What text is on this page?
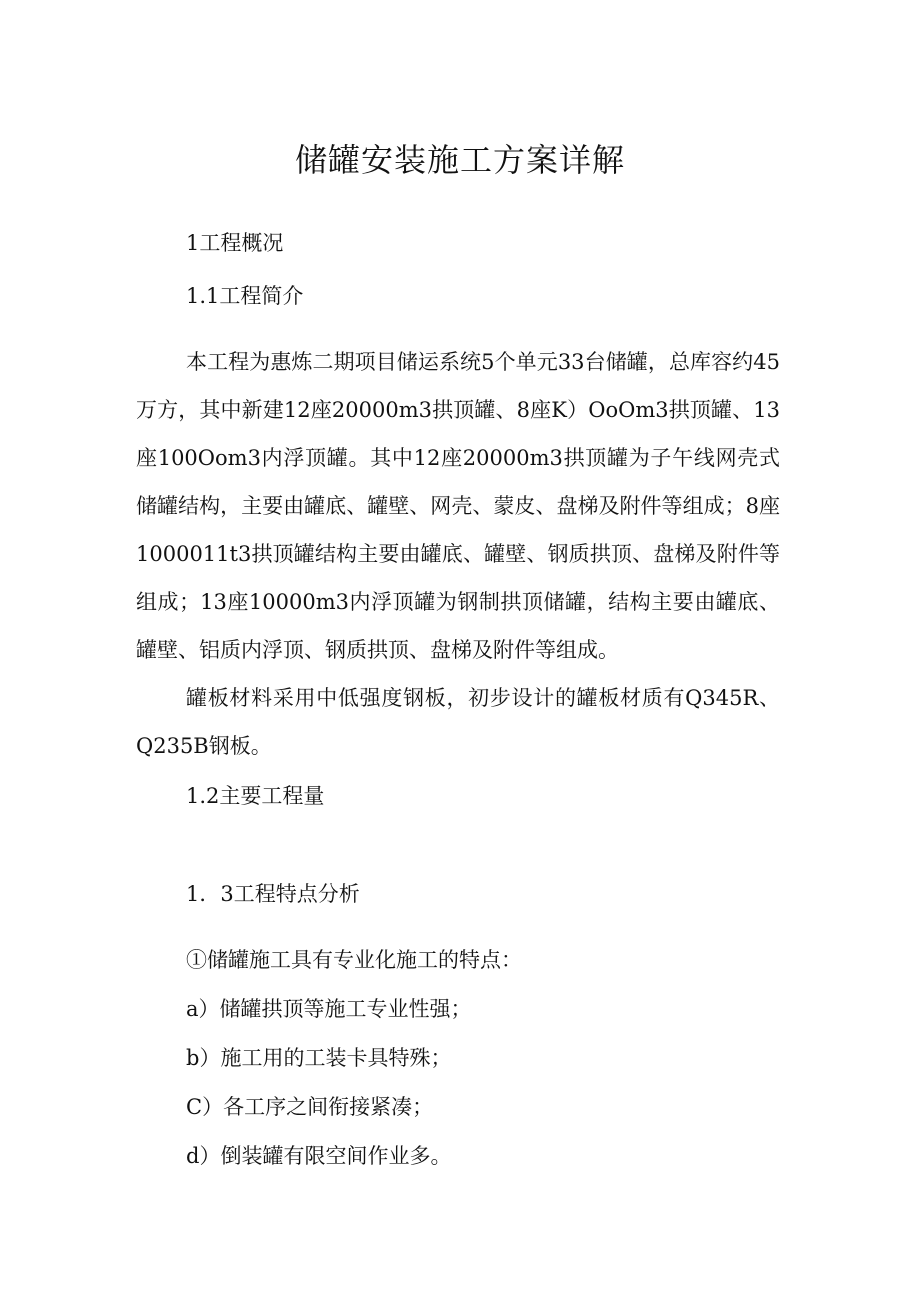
储罐安装施工方案详解
1工程概况
1.1工程简介
本工程为惠炼二期项目储运系统5个单元33台储罐，总库容约45万方，其中新建12座20000m3拱顶罐、8座K）OoOm3拱顶罐、13座100Oom3内浮顶罐。其中12座20000m3拱顶罐为子午线网壳式储罐结构，主要由罐底、罐壁、网壳、蒙皮、盘梯及附件等组成；8座1000011t3拱顶罐结构主要由罐底、罐壁、钢质拱顶、盘梯及附件等组成；13座10000m3内浮顶罐为钢制拱顶储罐，结构主要由罐底、罐壁、铝质内浮顶、钢质拱顶、盘梯及附件等组成。
罐板材料采用中低强度钢板，初步设计的罐板材质有Q345R、Q235B钢板。
1.2主要工程量
1．3工程特点分析
①储罐施工具有专业化施工的特点：
a）储罐拱顶等施工专业性强；
b）施工用的工装卡具特殊；
C）各工序之间衔接紧凑；
d）倒装罐有限空间作业多。
